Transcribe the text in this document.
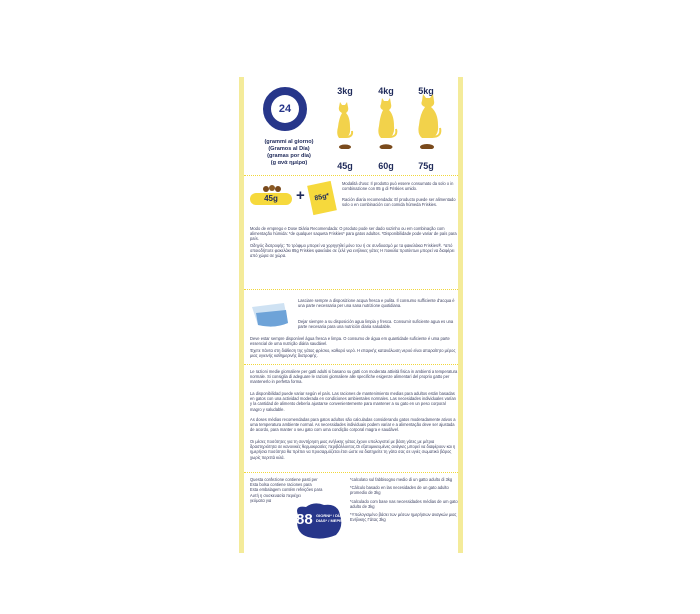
24
(grammi al giorno)
(Gramos al Día)
(gramas por dia)
(g ανά ημέρα)
3kg	4kg	5kg
45g	60g	75g
45g	+	85g*
Modalità d'uso: Il prodotto può essere consumato da solo o in combinazione con 85 g di Friskies umido.
Ración diaria recomendada: El producto puede ser alimentado solo o en combinación con comida húmeda Friskies.
Modo de emprego e Dose Diária Recomendada: O produto pode ser dado sozinho ou em combinação com alimentação húmida: *de qualquer saqueta Friskies* para gatos adultos. *Disponibilidade pode variar de país para país.
Οδηγός διατροφής: Το τρόφιμο μπορεί να χορηγηθεί μόνο του ή σε συνδυασμό με τα φακελάκια Friskies®. *από οποιοδήποτε φακελάκι 85g Friskies φακελάκι σε ζελέ για ενήλικες γάτες Η ποικιλία προϊόντων μπορεί να διαφέρει από χώρα σε χώρα.
Lasciare sempre a disposizione acqua fresca e pulita. Il consumo sufficiente d'acqua è una parte necessaria per una sana nutrizione quotidiana.
Dejar siempre a su disposición agua limpia y fresca. Consumir suficiente agua es una parte necesaria para una nutrición diaria saludable.
Deve estar sempre disponível água fresca e limpa. O consumo de água em quantidade suficiente é uma parte essencial de uma nutrição diária saudável.
Έχετε πάντα στη διάθεση της γάτας φρέσκο, καθαρό νερό. Η επαρκής κατανάλωση νερού είναι απαραίτητο μέρος μιας υγιεινής καθημερινής διατροφής.
Le razioni medie giornaliere per gatti adulti si basano su gatti con moderata attività fisica in ambienti a temperatura normale. Si consiglia di adeguare le razioni giornaliere alle specifiche esigenze alimentari del proprio gatto per mantenerlo in perfetta forma.
La disponibilidad puede variar según el país. Las raciones de mantenimiento medias para adultos están basadas en gatos con una actividad moderada en condiciones ambientales normales. Las necesidades individuales varían y la cantidad de alimento debería ajustarse convenientemente para mantener a su gato en un peso corporal magro y saludable.
As doses médias recomendadas para gatos adultos são calculadas considerando gatos moderadamente ativos a uma temperatura ambiente normal. As necessidades individuais podem variar e a alimentação deve ser ajustada de acordo, para manter o seu gato com uma condição corporal magra e saudável.
Οι μέσες ποσότητες για τη συντήρηση μιας ενήλικης γάτας έχουν υπολογιστεί με βάση γάτες με μέτρια δραστηριότητα σε κανονικές θερμοκρασίες περιβάλλοντος.Οι εξατομικευμένες ανάγκες μπορεί να διαφέρουν και η ημερήσια ποσότητα θα πρέπει να προσαρμόζεται έτσι ώστε να διατηρείτε τη γάτα σας σε υγιές σωματικό βάρος χωρίς περιττά κιλά.
Questa confezione contiene pasti per
Esta bolsa contiene raciones para
Esta embalagem contém refeições para
Αυτή η συσκευασία περιέχει
γεύματα για
88 GIORNI* / DÍAS*
DIAS* / ΜΕΡΕΣ*
*calcolato sul fabbisogno medio di un gatto adulto di 3kg
*Cálculo basado en las necesidades de un gato adulto promedio de 3kg
*calculado com base nas necessidades médias de um gato adulto de 3kg
*Υπολογισμένο βάσει των μέσων ημερήσιων αναγκών μιας Ενήλικης Γάτας 3kg
